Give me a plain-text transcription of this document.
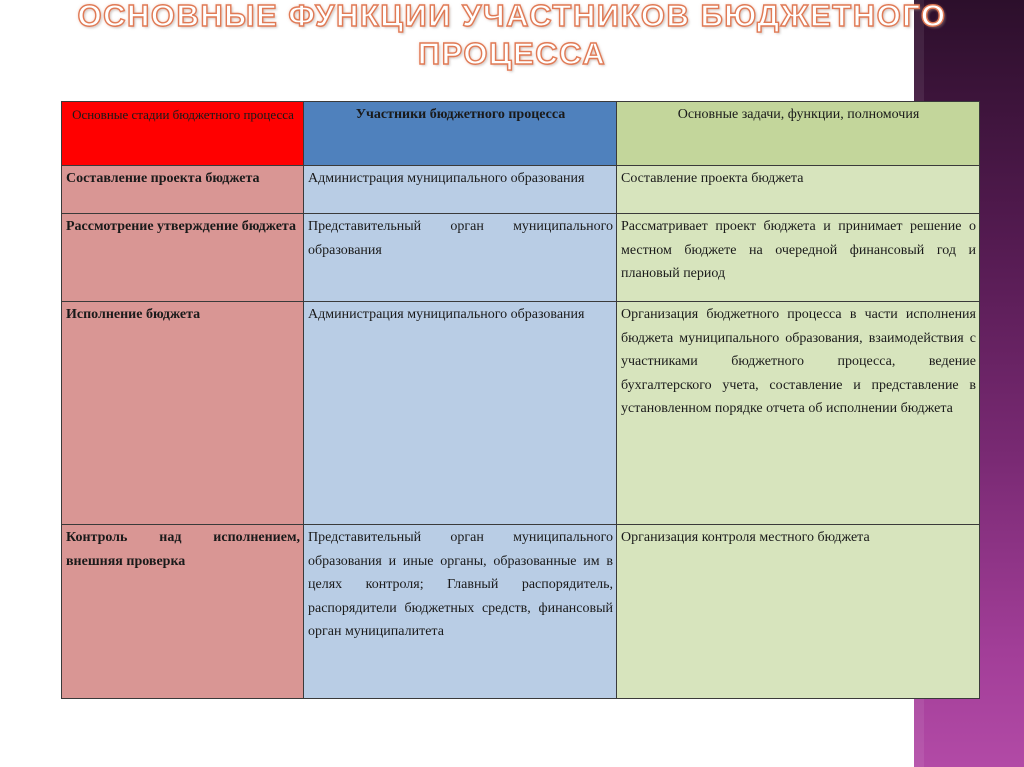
ОСНОВНЫЕ ФУНКЦИИ УЧАСТНИКОВ БЮДЖЕТНОГО
ПРОЦЕССА
Основные стадии бюджетного процесса	Участники бюджетного процесса	Основные задачи, функции, полномочия
Составление проекта бюджета	Администрация муниципального образования	Составление проекта бюджета
Рассмотрение утверждение бюджета	Представительный орган муниципального образования	Рассматривает проект бюджета и принимает решение о местном бюджете на очередной финансовый год и плановый период
Исполнение бюджета	Администрация муниципального образования	Организация бюджетного процесса в части исполнения бюджета муниципального образования, взаимодействия с участниками бюджетного процесса, ведение бухгалтерского учета, составление и представление в установленном порядке отчета об исполнении бюджета
Контроль над исполнением, внешняя проверка	Представительный орган муниципального образования и иные органы, образованные им в целях контроля; Главный распорядитель, распорядители бюджетных средств, финансовый орган муниципалитета	Организация контроля местного бюджета
